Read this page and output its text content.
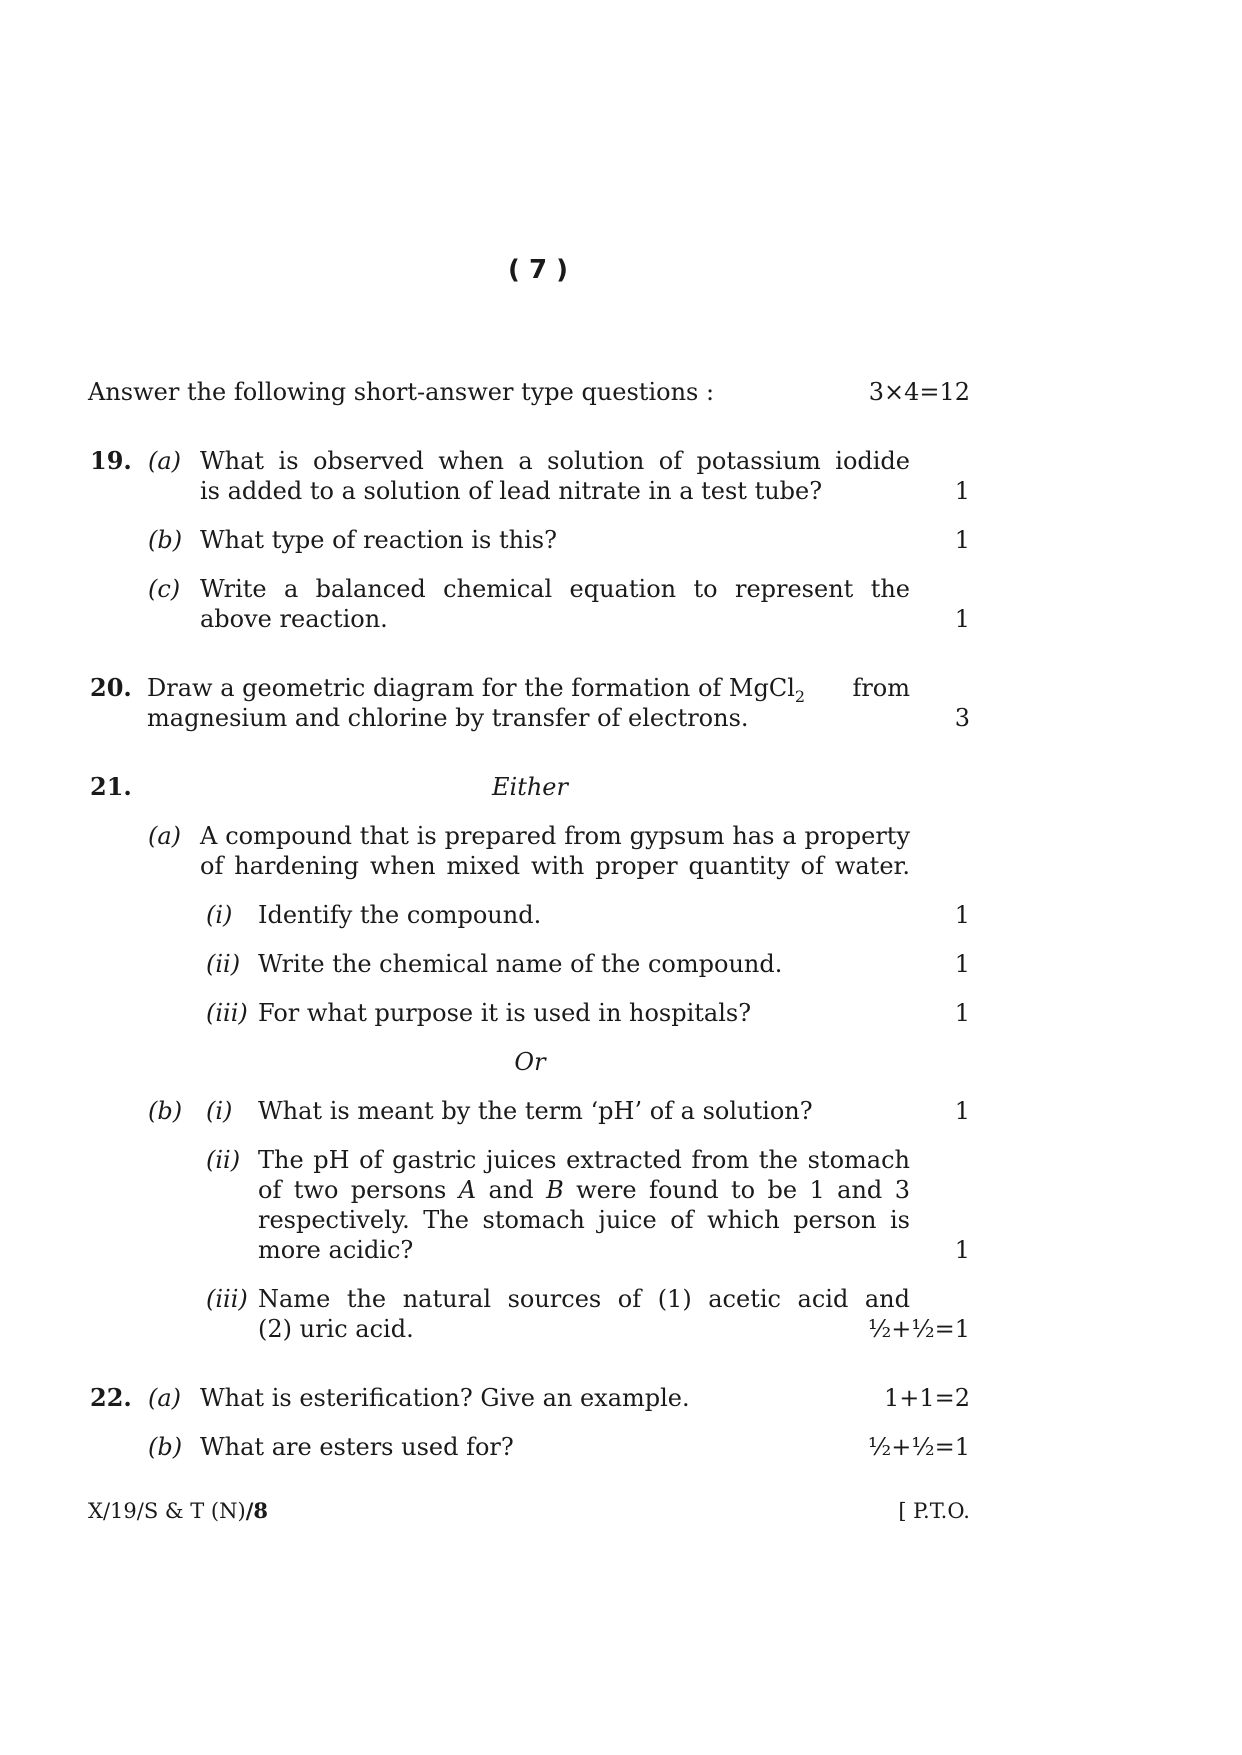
( 7 )
Answer the following short-answer type questions :	3×4=12
19. (a) What is observed when a solution of potassium iodide
is added to a solution of lead nitrate in a test tube?	1
(b) What type of reaction is this?	1
(c) Write a balanced chemical equation to represent the
above reaction.	1
20. Draw a geometric diagram for the formation of MgCl$_2$ from
magnesium and chlorine by transfer of electrons.	3
21.	Either
(a) A compound that is prepared from gypsum has a property
of hardening when mixed with proper quantity of water.
(i) Identify the compound.	1
(ii) Write the chemical name of the compound.	1
(iii) For what purpose it is used in hospitals?	1
Or
(b) (i) What is meant by the term ‘pH’ of a solution?	1
(ii) The pH of gastric juices extracted from the stomach
of two persons A and B were found to be 1 and 3
respectively. The stomach juice of which person is
more acidic?	1
(iii) Name the natural sources of (1) acetic acid and
(2) uric acid.	½+½=1
22. (a) What is esterification? Give an example.	1+1=2
(b) What are esters used for?	½+½=1
X/19/S & T (N)/8	[ P.T.O.
